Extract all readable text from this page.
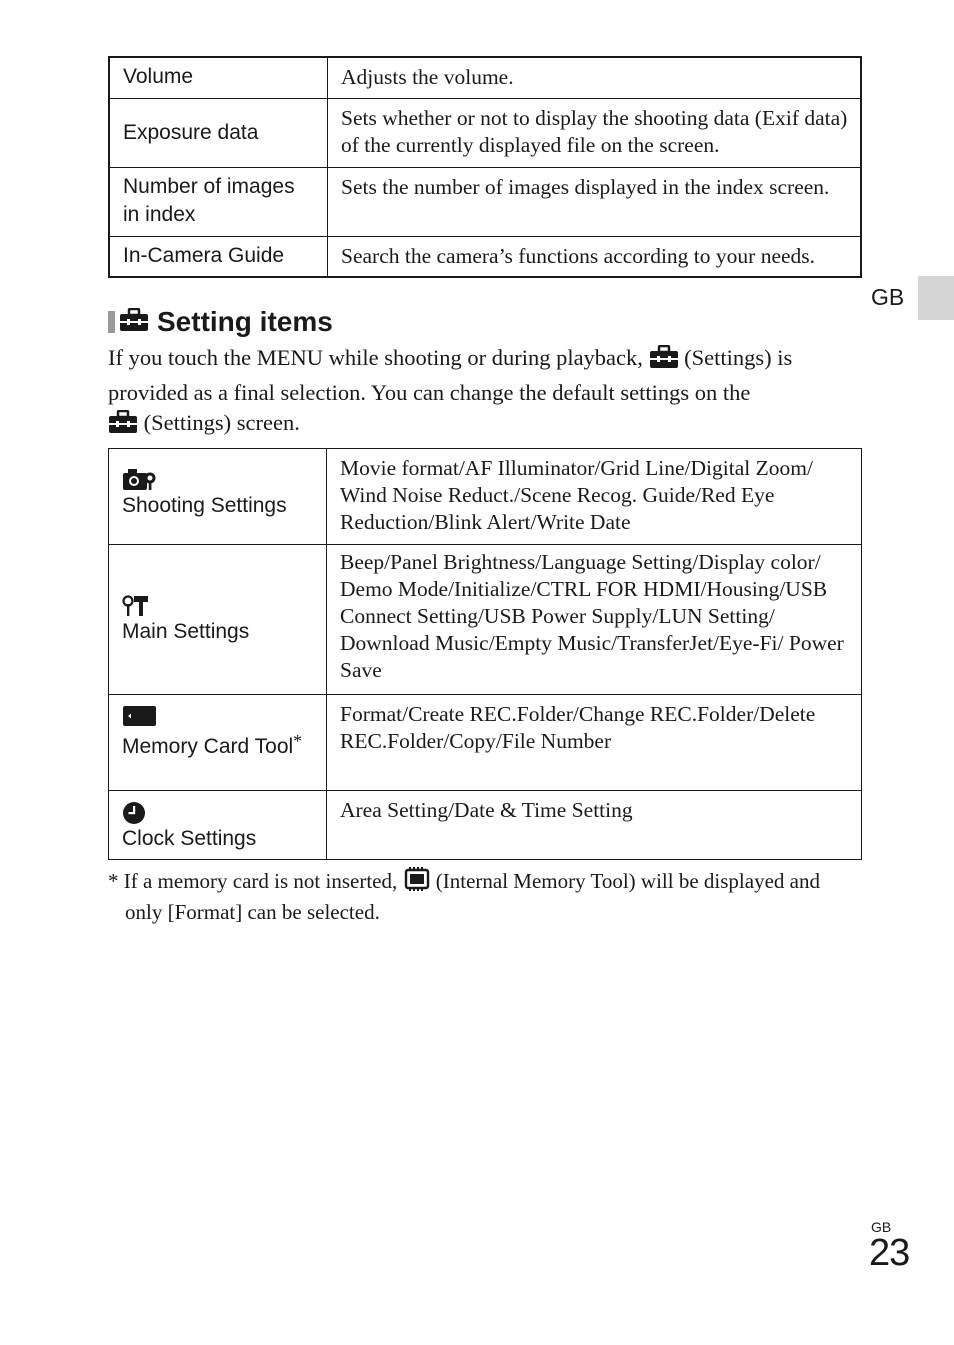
Volume	Adjusts the volume.

Exposure data	Sets whether or not to display the shooting data (Exif data) of the currently displayed file on the screen.

Number of images in index	Sets the number of images displayed in the index screen.

In-Camera Guide	Search the camera’s functions according to your needs.
GB
Setting items
If you touch the MENU while shooting or during playback, (Settings) is provided as a final selection. You can change the default settings on the
(Settings) screen.
Shooting Settings	Movie format/AF Illuminator/Grid Line/Digital Zoom/ Wind Noise Reduct./Scene Recog. Guide/Red Eye Reduction/Blink Alert/Write Date

Main Settings	Beep/Panel Brightness/Language Setting/Display color/ Demo Mode/Initialize/CTRL FOR HDMI/Housing/USB Connect Setting/USB Power Supply/LUN Setting/ Download Music/Empty Music/TransferJet/Eye-Fi/ Power Save

Memory Card Tool*	Format/Create REC.Folder/Change REC.Folder/Delete REC.Folder/Copy/File Number

Clock Settings	Area Setting/Date & Time Setting
* If a memory card is not inserted, (Internal Memory Tool) will be displayed and
only [Format] can be selected.
GB
23
